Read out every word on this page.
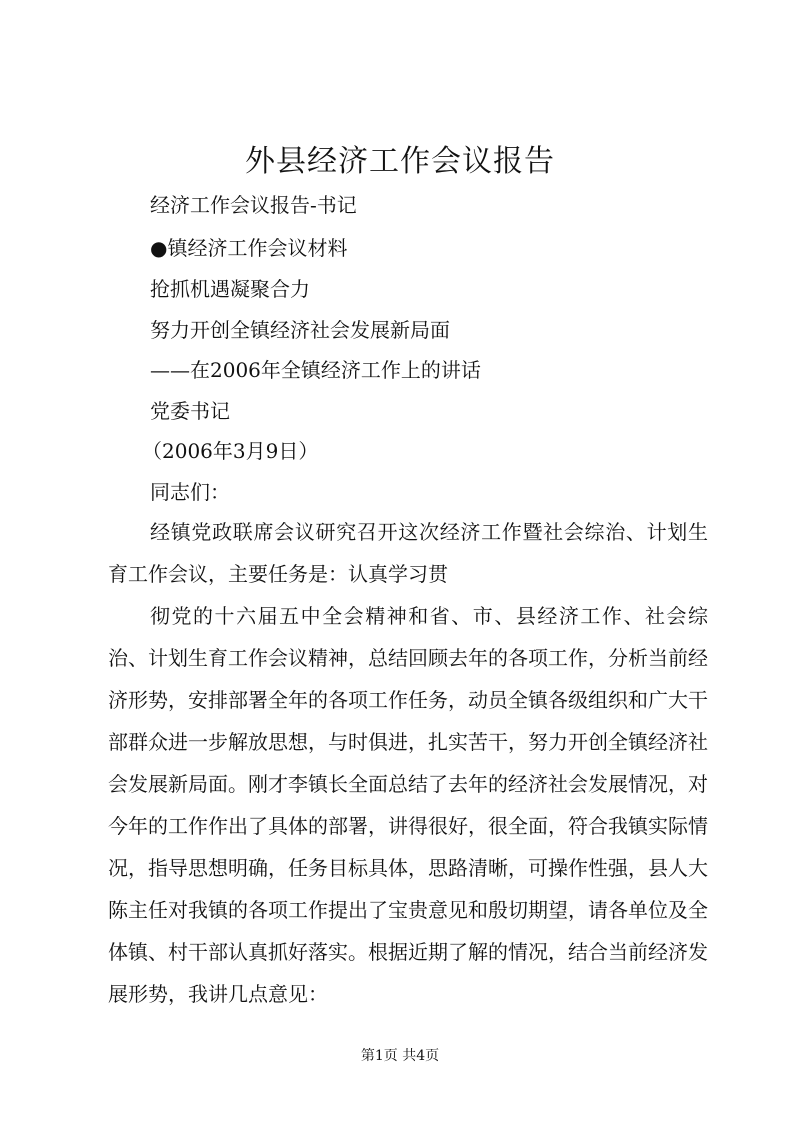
外县经济工作会议报告

经济工作会议报告-书记

●镇经济工作会议材料

抢抓机遇凝聚合力

努力开创全镇经济社会发展新局面

——在2006年全镇经济工作上的讲话

党委书记

（2006年3月9日）

同志们：

经镇党政联席会议研究召开这次经济工作暨社会综治、计划生育工作会议，主要任务是：认真学习贯

彻党的十六届五中全会精神和省、市、县经济工作、社会综治、计划生育工作会议精神，总结回顾去年的各项工作，分析当前经济形势，安排部署全年的各项工作任务，动员全镇各级组织和广大干部群众进一步解放思想，与时俱进，扎实苦干，努力开创全镇经济社会发展新局面。刚才李镇长全面总结了去年的经济社会发展情况，对今年的工作作出了具体的部署，讲得很好，很全面，符合我镇实际情况，指导思想明确，任务目标具体，思路清晰，可操作性强，县人大陈主任对我镇的各项工作提出了宝贵意见和殷切期望，请各单位及全体镇、村干部认真抓好落实。根据近期了解的情况，结合当前经济发展形势，我讲几点意见：

第1页 共4页
